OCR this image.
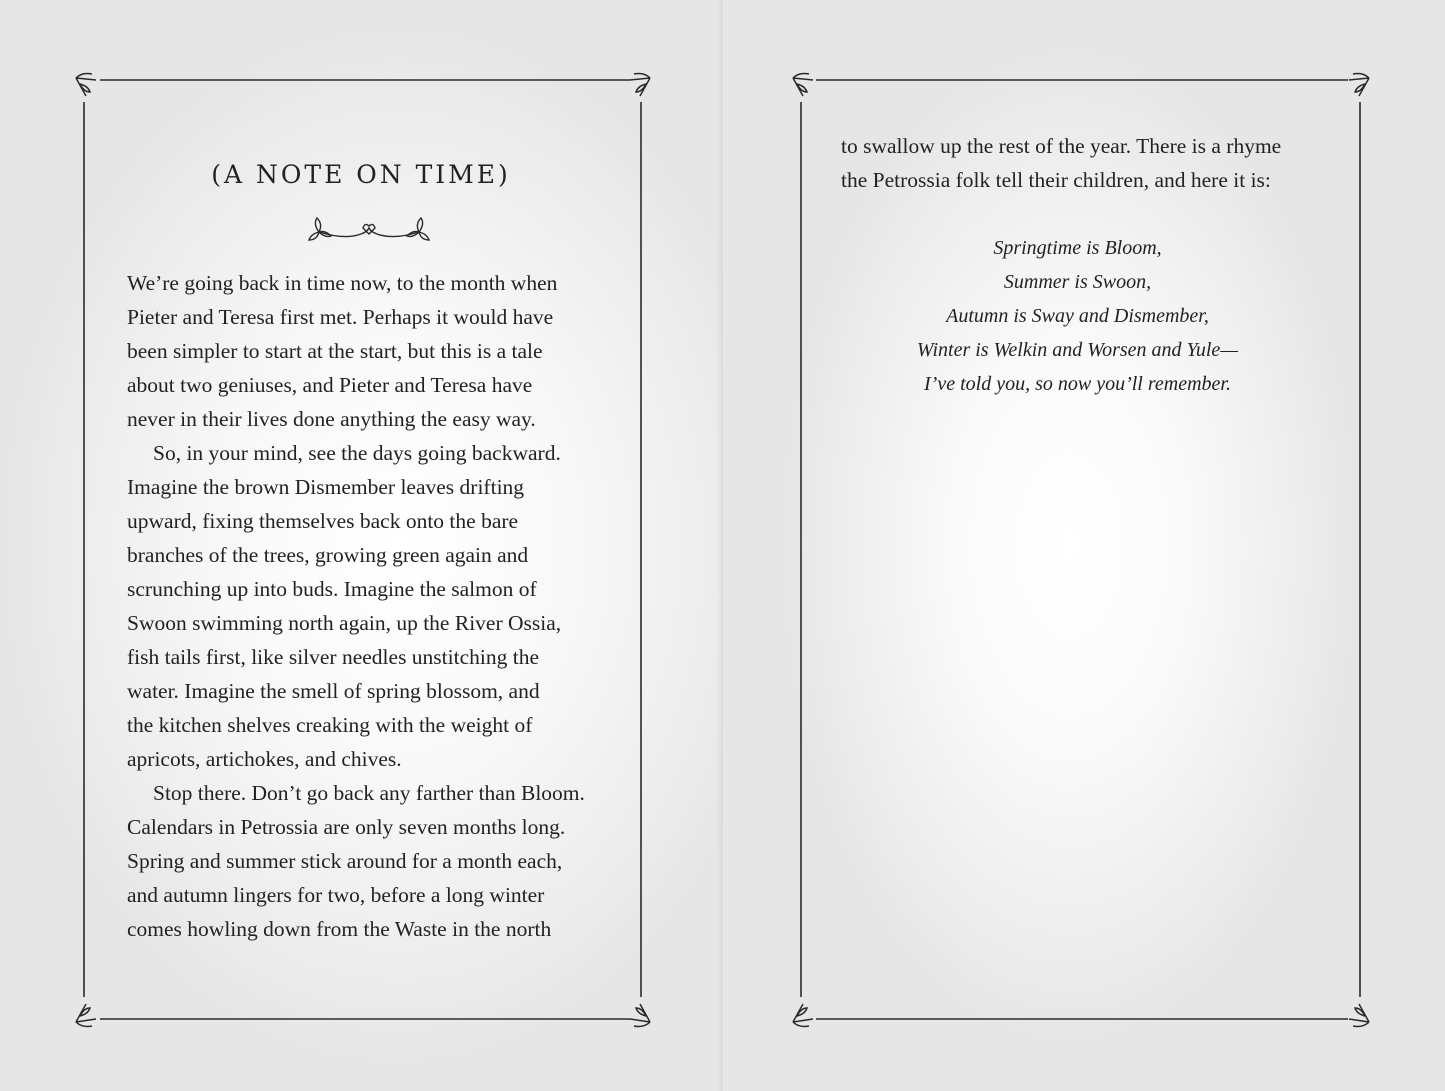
(A NOTE ON TIME)
We’re going back in time now, to the month when
Pieter and Teresa first met. Perhaps it would have
been simpler to start at the start, but this is a tale
about two geniuses, and Pieter and Teresa have
never in their lives done anything the easy way.
So, in your mind, see the days going backward.
Imagine the brown Dismember leaves drifting
upward, fixing themselves back onto the bare
branches of the trees, growing green again and
scrunching up into buds. Imagine the salmon of
Swoon swimming north again, up the River Ossia,
fish tails first, like silver needles unstitching the
water. Imagine the smell of spring blossom, and
the kitchen shelves creaking with the weight of
apricots, artichokes, and chives.
Stop there. Don’t go back any farther than Bloom.
Calendars in Petrossia are only seven months long.
Spring and summer stick around for a month each,
and autumn lingers for two, before a long winter
comes howling down from the Waste in the north
to swallow up the rest of the year. There is a rhyme
the Petrossia folk tell their children, and here it is:
Springtime is Bloom,
Summer is Swoon,
Autumn is Sway and Dismember,
Winter is Welkin and Worsen and Yule—
I’ve told you, so now you’ll remember.
